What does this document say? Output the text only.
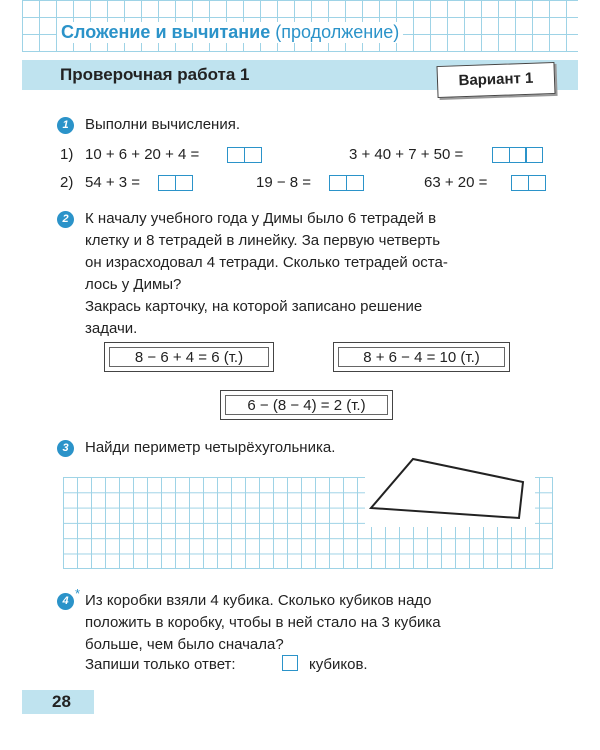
Сложение и вычитание (продолжение)
Проверочная работа 1	Вариант 1
1	Выполни вычисления.
1) 10 + 6 + 20 + 4 =	3 + 40 + 7 + 50 =
2) 54 + 3 =	19 − 8 =	63 + 20 =
2	К началу учебного года у Димы было 6 тетрадей в
клетку и 8 тетрадей в линейку. За первую четверть
он израсходовал 4 тетради. Сколько тетрадей оста-
лось у Димы?
Закрась карточку, на которой записано решение
задачи.
8 − 6 + 4 = 6 (т.)	8 + 6 − 4 = 10 (т.)
6 − (8 − 4) = 2 (т.)
3	Найди периметр четырёхугольника.
4 * Из коробки взяли 4 кубика. Сколько кубиков надо
положить в коробку, чтобы в ней стало на 3 кубика
больше, чем было сначала?
Запиши только ответ:	кубиков.
28
